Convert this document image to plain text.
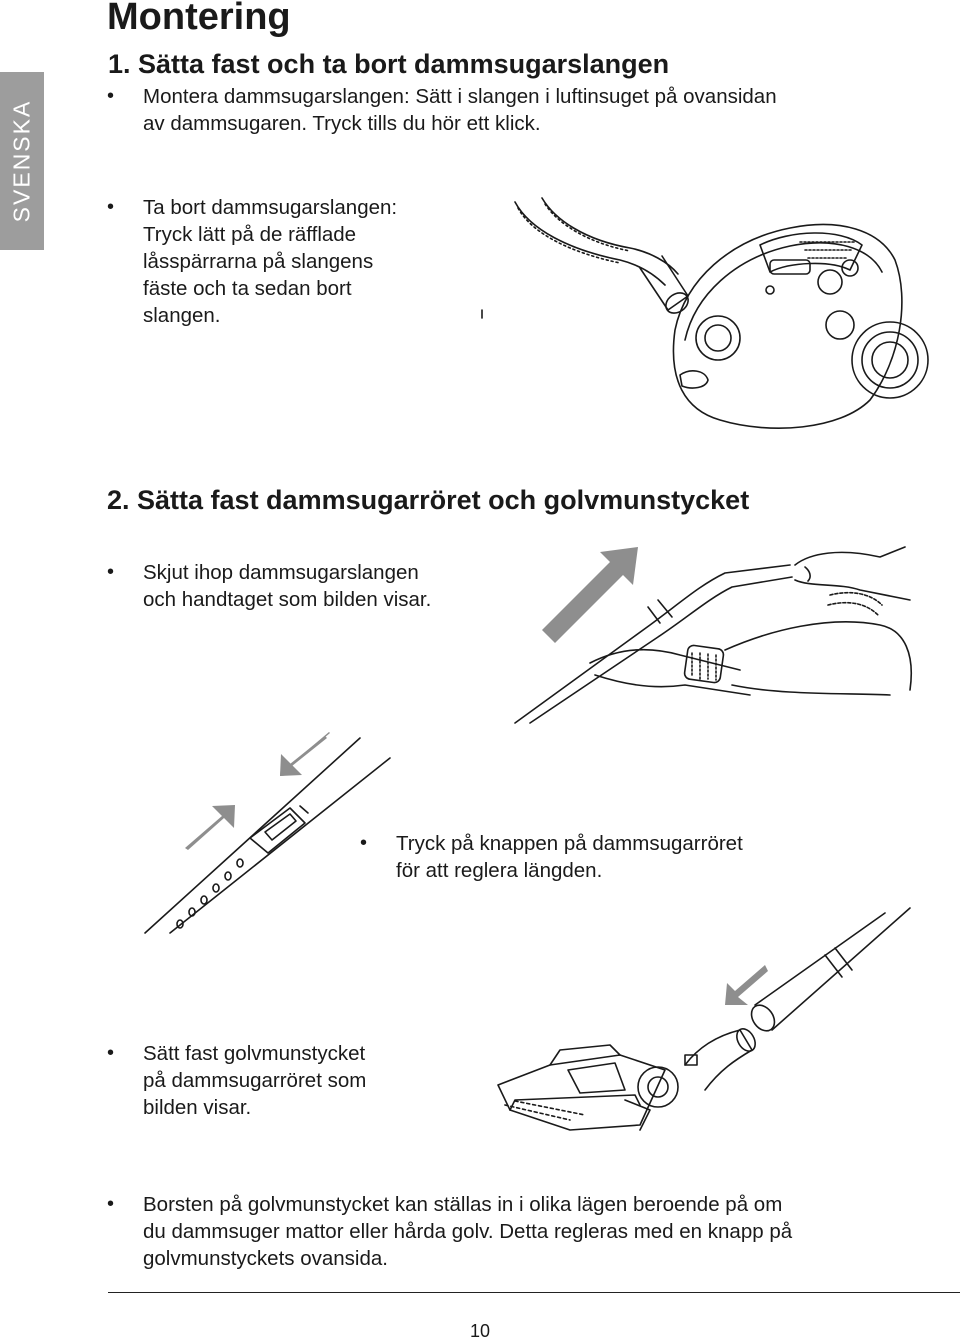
SVENSKA
Montering
1. Sätta fast och ta bort dammsugarslangen
• Montera dammsugarslangen: Sätt i slangen i luftinsuget på ovansidan
av dammsugaren. Tryck tills du hör ett klick.
• Ta bort dammsugarslangen:
Tryck lätt på de räfflade
låsspärrarna på slangens
fäste och ta sedan bort
slangen.
2. Sätta fast dammsugarröret och golvmunstycket
• Skjut ihop dammsugarslangen
och handtaget som bilden visar.
• Tryck på knappen på dammsugarröret
för att reglera längden.
• Sätt fast golvmunstycket
på dammsugarröret som
bilden visar.
• Borsten på golvmunstycket kan ställas in i olika lägen beroende på om
du dammsuger mattor eller hårda golv. Detta regleras med en knapp på
golvmunstyckets ovansida.
10
